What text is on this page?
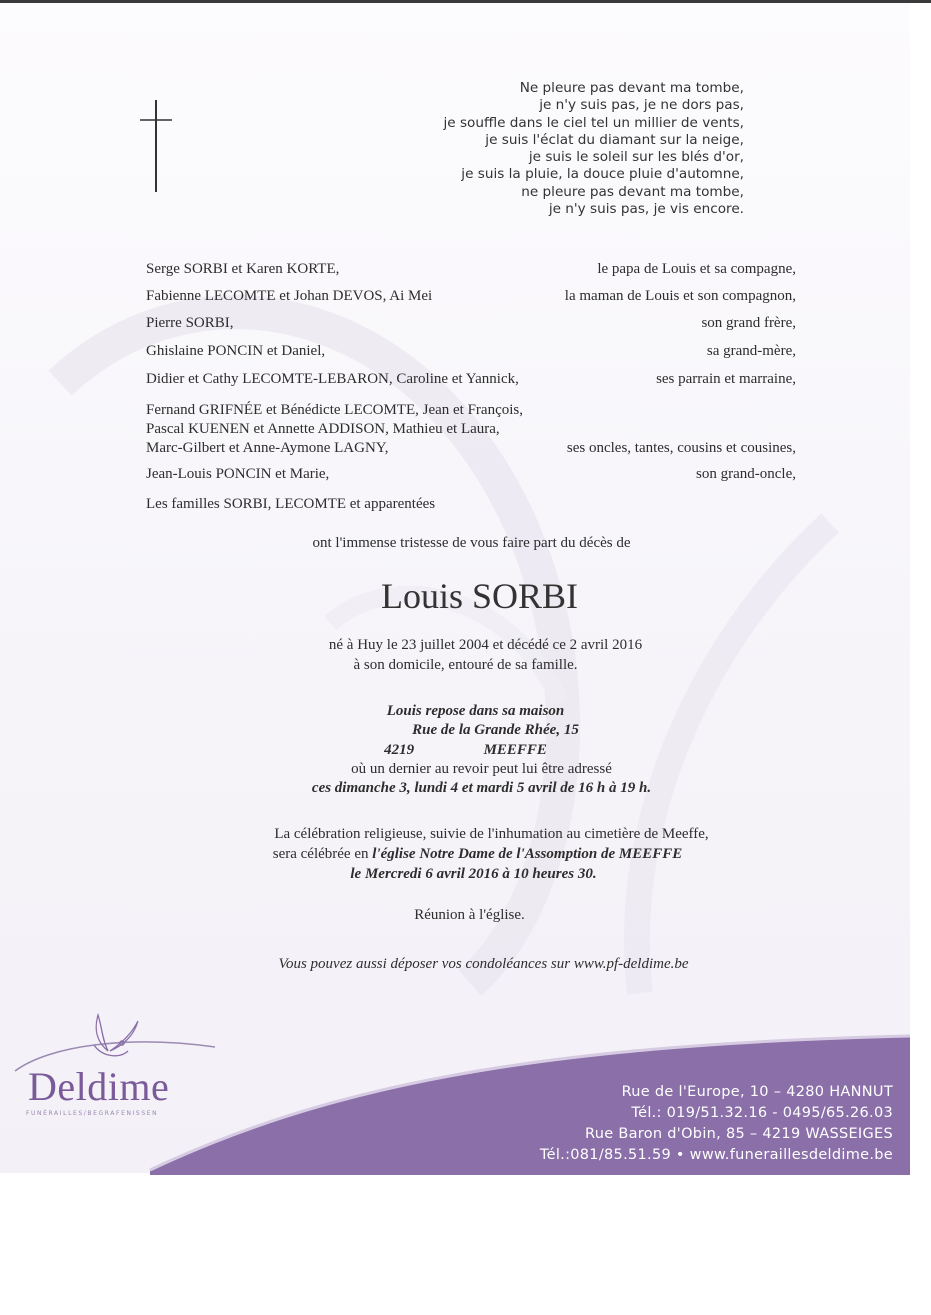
Ne pleure pas devant ma tombe,
je n'y suis pas, je ne dors pas,
je souffle dans le ciel tel un millier de vents,
je suis l'éclat du diamant sur la neige,
je suis le soleil sur les blés d'or,
je suis la pluie, la douce pluie d'automne,
ne pleure pas devant ma tombe,
je n'y suis pas, je vis encore.
Serge SORBI et Karen KORTE,	le papa de Louis et sa compagne,
Fabienne LECOMTE et Johan DEVOS, Ai Mei	la maman de Louis et son compagnon,
Pierre SORBI,	son grand frère,
Ghislaine PONCIN et Daniel,	sa grand-mère,
Didier et Cathy LECOMTE-LEBARON, Caroline et Yannick,	ses parrain et marraine,
Fernand GRIFNÉE et Bénédicte LECOMTE, Jean et François,
Pascal KUENEN et Annette ADDISON, Mathieu et Laura,
Marc-Gilbert et Anne-Aymone LAGNY,	ses oncles, tantes, cousins et cousines,
Jean-Louis PONCIN et Marie,	son grand-oncle,
Les familles SORBI, LECOMTE et apparentées
ont l'immense tristesse de vous faire part du décès de
Louis SORBI
né à Huy le 23 juillet 2004 et décédé ce 2 avril 2016
à son domicile, entouré de sa famille.
Louis repose dans sa maison
Rue de la Grande Rhée, 15
4219	MEEFFE
où un dernier au revoir peut lui être adressé
ces dimanche 3, lundi 4 et mardi 5 avril de 16 h à 19 h.
La célébration religieuse, suivie de l'inhumation au cimetière de Meeffe,
sera célébrée en l'église Notre Dame de l'Assomption de MEEFFE
le Mercredi 6 avril 2016 à 10 heures 30.
Réunion à l'église.
Vous pouvez aussi déposer vos condoléances sur www.pf-deldime.be
Deldime
FUNÉRAILLES/BEGRAFENISSEN
Rue de l'Europe, 10 – 4280 HANNUT
Tél.: 019/51.32.16 - 0495/65.26.03
Rue Baron d'Obin, 85 – 4219 WASSEIGES
Tél.:081/85.51.59 • www.funeraillesdeldime.be
